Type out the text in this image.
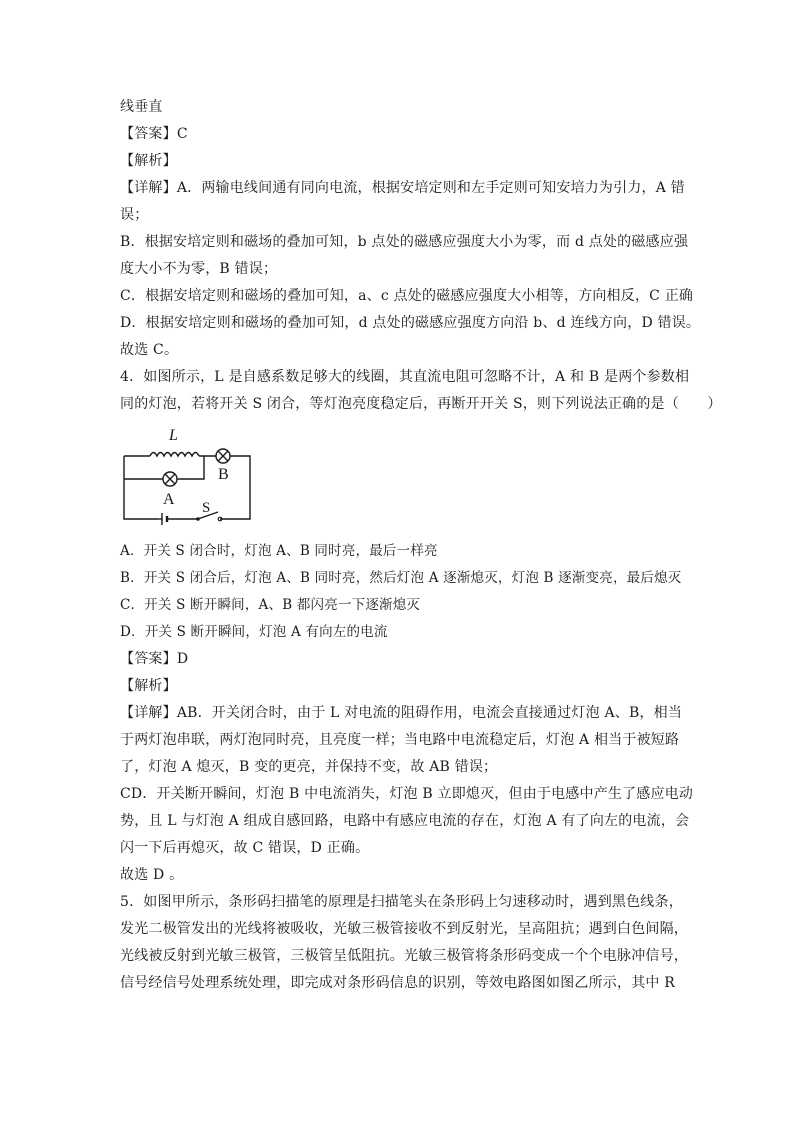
线垂直
【答案】C
【解析】
【详解】A．两输电线间通有同向电流，根据安培定则和左手定则可知安培力为引力，A 错
误；
B．根据安培定则和磁场的叠加可知，b 点处的磁感应强度大小为零，而 d 点处的磁感应强
度大小不为零，B 错误；
C．根据安培定则和磁场的叠加可知，a、c 点处的磁感应强度大小相等，方向相反，C 正确
D．根据安培定则和磁场的叠加可知，d 点处的磁感应强度方向沿 b、d 连线方向，D 错误。
故选 C。
4．如图所示，L 是自感系数足够大的线圈，其直流电阻可忽略不计，A 和 B 是两个参数相
同的灯泡，若将开关 S 闭合，等灯泡亮度稳定后，再断开开关 S，则下列说法正确的是（　　）
L
B
A S
A．开关 S 闭合时，灯泡 A、B 同时亮，最后一样亮
B．开关 S 闭合后，灯泡 A、B 同时亮，然后灯泡 A 逐渐熄灭，灯泡 B 逐渐变亮，最后熄灭
C．开关 S 断开瞬间，A、B 都闪亮一下逐渐熄灭
D．开关 S 断开瞬间，灯泡 A 有向左的电流
【答案】D
【解析】
【详解】AB．开关闭合时，由于 L 对电流的阻碍作用，电流会直接通过灯泡 A、B，相当
于两灯泡串联，两灯泡同时亮，且亮度一样；当电路中电流稳定后，灯泡 A 相当于被短路
了，灯泡 A 熄灭，B 变的更亮，并保持不变，故 AB 错误；
CD．开关断开瞬间，灯泡 B 中电流消失，灯泡 B 立即熄灭，但由于电感中产生了感应电动
势，且 L 与灯泡 A 组成自感回路，电路中有感应电流的存在，灯泡 A 有了向左的电流，会
闪一下后再熄灭，故 C 错误，D 正确。
故选 D 。
5．如图甲所示，条形码扫描笔的原理是扫描笔头在条形码上匀速移动时，遇到黑色线条，
发光二极管发出的光线将被吸收，光敏三极管接收不到反射光，呈高阻抗；遇到白色间隔，
光线被反射到光敏三极管，三极管呈低阻抗。光敏三极管将条形码变成一个个电脉冲信号，
信号经信号处理系统处理，即完成对条形码信息的识别，等效电路图如图乙所示，其中 R
